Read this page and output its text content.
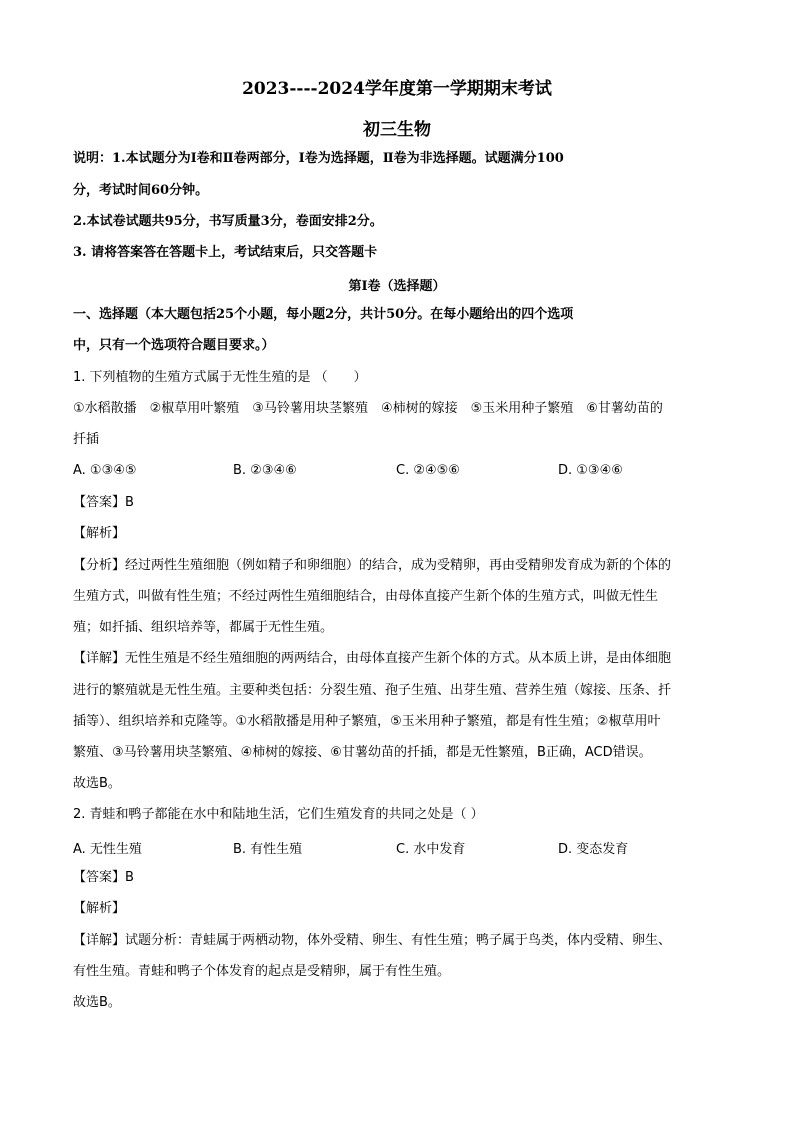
2023----2024学年度第一学期期末考试
初三生物
说明：1.本试题分为Ⅰ卷和Ⅱ卷两部分，Ⅰ卷为选择题，Ⅱ卷为非选择题。试题满分100
分，考试时间60分钟。
2.本试卷试题共95分，书写质量3分，卷面安排2分。
3. 请将答案答在答题卡上，考试结束后，只交答题卡
第Ⅰ卷（选择题）
一、选择题（本大题包括25个小题，每小题2分，共计50分。在每小题给出的四个选项
中，只有一个选项符合题目要求。）
1. 下列植物的生殖方式属于无性生殖的是 （　　）
①水稻散播　②椒草用叶繁殖　③马铃薯用块茎繁殖　④柿树的嫁接　⑤玉米用种子繁殖　⑥甘薯幼苗的
扦插
A. ①③④⑤	B. ②③④⑥	C. ②④⑤⑥	D. ①③④⑥
【答案】B
【解析】
【分析】经过两性生殖细胞（例如精子和卵细胞）的结合，成为受精卵，再由受精卵发育成为新的个体的
生殖方式，叫做有性生殖；不经过两性生殖细胞结合，由母体直接产生新个体的生殖方式，叫做无性生
殖；如扦插、组织培养等，都属于无性生殖。
【详解】无性生殖是不经生殖细胞的两两结合，由母体直接产生新个体的方式。从本质上讲，是由体细胞
进行的繁殖就是无性生殖。主要种类包括：分裂生殖、孢子生殖、出芽生殖、营养生殖（嫁接、压条、扦
插等）、组织培养和克隆等。①水稻散播是用种子繁殖，⑤玉米用种子繁殖，都是有性生殖；②椒草用叶
繁殖、③马铃薯用块茎繁殖、④柿树的嫁接、⑥甘薯幼苗的扦插，都是无性繁殖，B正确，ACD错误。
故选B。
2. 青蛙和鸭子都能在水中和陆地生活，它们生殖发育的共同之处是（ ）
A. 无性生殖	B. 有性生殖	C. 水中发育	D. 变态发育
【答案】B
【解析】
【详解】试题分析：青蛙属于两栖动物，体外受精、卵生、有性生殖；鸭子属于鸟类，体内受精、卵生、
有性生殖。青蛙和鸭子个体发育的起点是受精卵，属于有性生殖。
故选B。
